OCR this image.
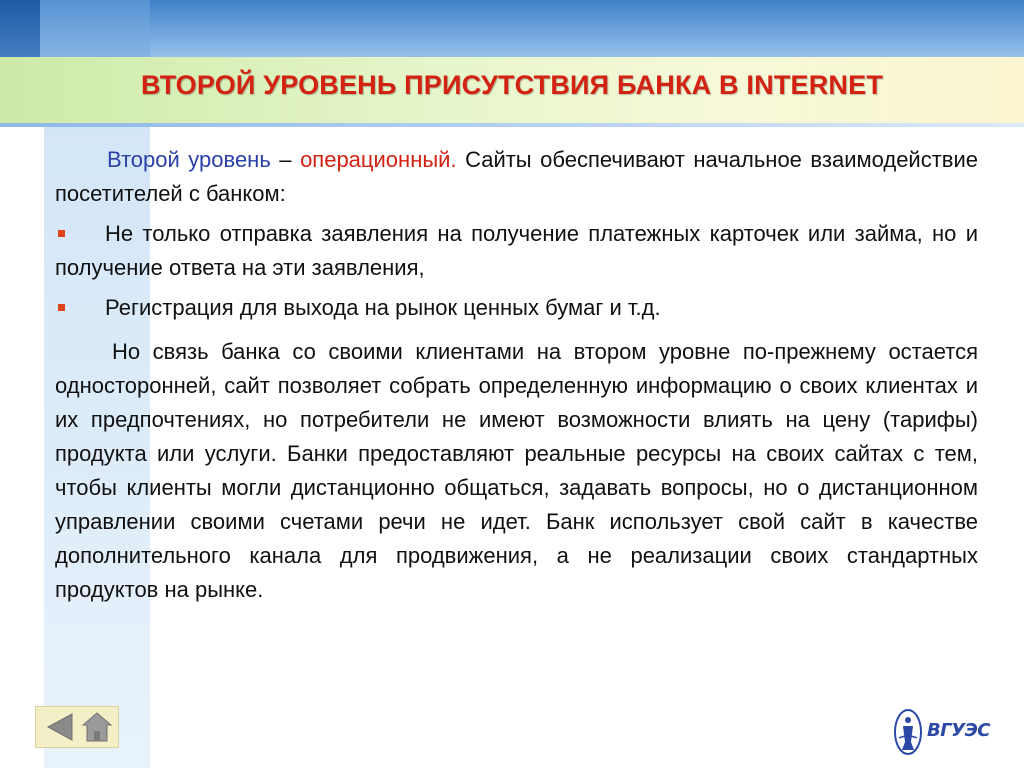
ВТОРОЙ УРОВЕНЬ ПРИСУТСТВИЯ БАНКА В INTERNET

Второй уровень – операционный. Сайты обеспечивают начальное взаимодействие посетителей с банком:

Не только отправка заявления на получение платежных карточек или займа, но и получение ответа на эти заявления,

Регистрация для выхода на рынок ценных бумаг и т.д.

Но связь банка со своими клиентами на втором уровне по-прежнему остается односторонней, сайт позволяет собрать определенную информацию о своих клиентах и их предпочтениях, но потребители не имеют возможности влиять на цену (тарифы) продукта или услуги. Банки предоставляют реальные ресурсы на своих сайтах с тем, чтобы клиенты могли дистанционно общаться, задавать вопросы, но о дистанционном управлении своими счетами речи не идет. Банк использует свой сайт в качестве дополнительного канала для продвижения, а не реализации своих стандартных продуктов на рынке.

ВГУЭС
